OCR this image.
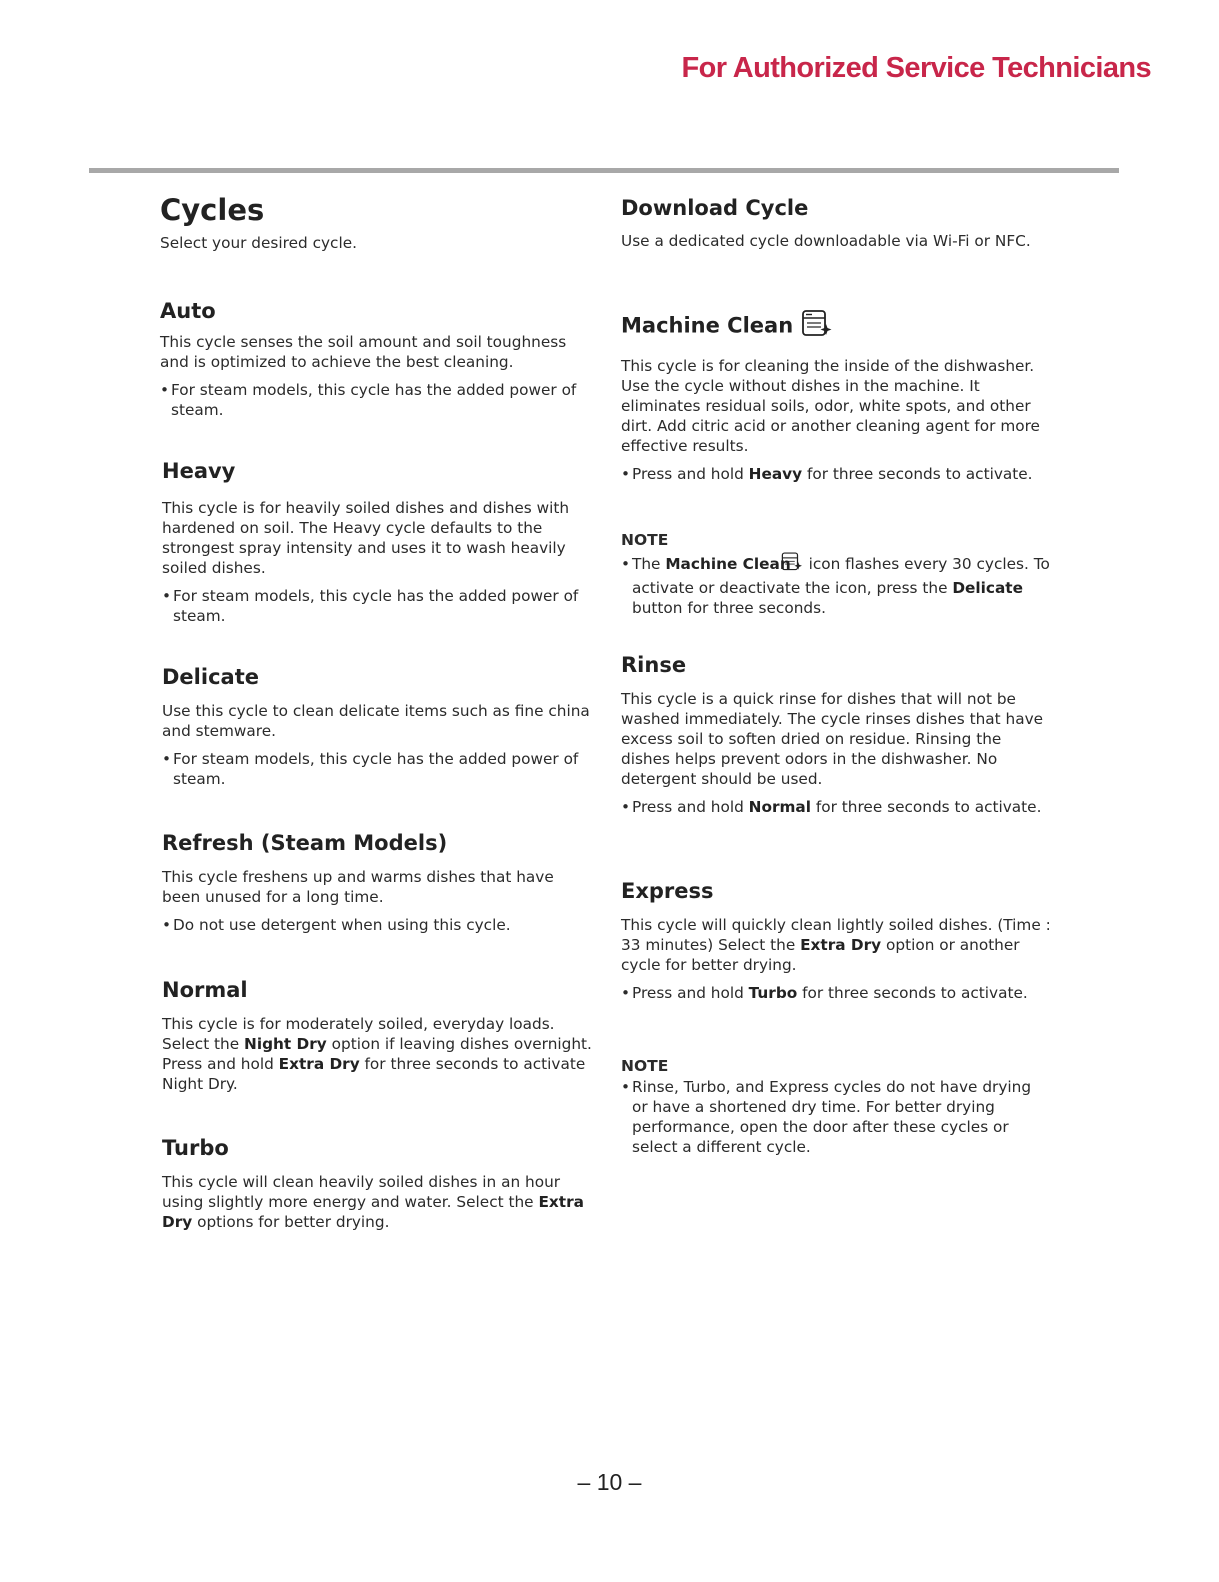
For Authorized Service Technicians
Cycles

Select your desired cycle.

Auto

This cycle senses the soil amount and soil toughness and is optimized to achieve the best cleaning.

• For steam models, this cycle has the added power of steam.

Heavy

This cycle is for heavily soiled dishes and dishes with hardened on soil. The Heavy cycle defaults to the strongest spray intensity and uses it to wash heavily soiled dishes.

• For steam models, this cycle has the added power of steam.

Delicate

Use this cycle to clean delicate items such as fine china and stemware.

• For steam models, this cycle has the added power of steam.

Refresh (Steam Models)

This cycle freshens up and warms dishes that have been unused for a long time.

• Do not use detergent when using this cycle.

Normal

This cycle is for moderately soiled, everyday loads. Select the Night Dry option if leaving dishes overnight. Press and hold Extra Dry for three seconds to activate Night Dry.

Turbo

This cycle will clean heavily soiled dishes in an hour using slightly more energy and water. Select the Extra Dry options for better drying.

Download Cycle

Use a dedicated cycle downloadable via Wi-Fi or NFC.

Machine Clean

This cycle is for cleaning the inside of the dishwasher. Use the cycle without dishes in the machine. It eliminates residual soils, odor, white spots, and other dirt. Add citric acid or another cleaning agent for more effective results.

• Press and hold Heavy for three seconds to activate.

NOTE

• The Machine Clean icon flashes every 30 cycles. To activate or deactivate the icon, press the Delicate button for three seconds.

Rinse

This cycle is a quick rinse for dishes that will not be washed immediately. The cycle rinses dishes that have excess soil to soften dried on residue. Rinsing the dishes helps prevent odors in the dishwasher. No detergent should be used.

• Press and hold Normal for three seconds to activate.

Express

This cycle will quickly clean lightly soiled dishes. (Time : 33 minutes) Select the Extra Dry option or another cycle for better drying.

• Press and hold Turbo for three seconds to activate.

NOTE

• Rinse, Turbo, and Express cycles do not have drying or have a shortened dry time. For better drying performance, open the door after these cycles or select a different cycle.

– 10 –
